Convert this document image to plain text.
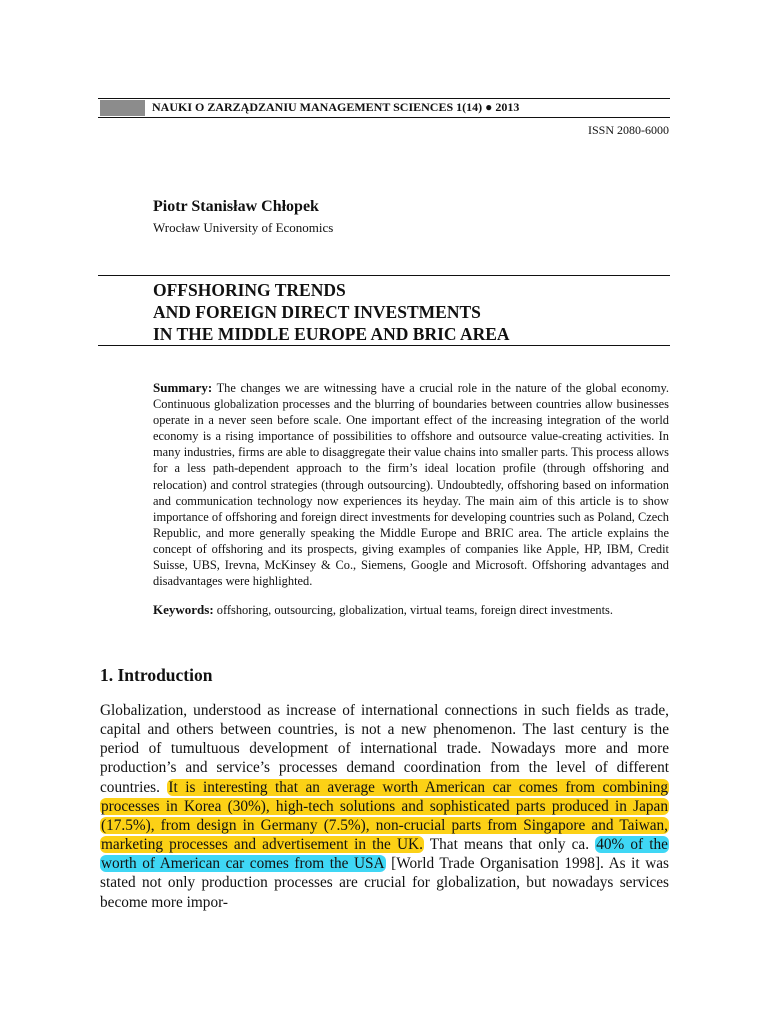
NAUKI O ZARZĄDZANIU MANAGEMENT SCIENCES 1(14) ● 2013
ISSN 2080-6000
Piotr Stanisław Chłopek
Wrocław University of Economics
OFFSHORING TRENDS
AND FOREIGN DIRECT INVESTMENTS
IN THE MIDDLE EUROPE AND BRIC AREA
Summary: The changes we are witnessing have a crucial role in the nature of the global economy. Continuous globalization processes and the blurring of boundaries between countries allow businesses operate in a never seen before scale. One important effect of the increasing integration of the world economy is a rising importance of possibilities to offshore and outsource value-creating activities. In many industries, firms are able to disaggregate their value chains into smaller parts. This process allows for a less path-dependent approach to the firm’s ideal location profile (through offshoring and relocation) and control strategies (through outsourcing). Undoubtedly, offshoring based on information and communication technology now experiences its heyday. The main aim of this article is to show importance of offshoring and foreign direct investments for developing countries such as Poland, Czech Republic, and more generally speaking the Middle Europe and BRIC area. The article explains the concept of offshoring and its prospects, giving examples of companies like Apple, HP, IBM, Credit Suisse, UBS, Irevna, McKinsey & Co., Siemens, Google and Microsoft. Offshoring advantages and disadvantages were highlighted.
Keywords: offshoring, outsourcing, globalization, virtual teams, foreign direct investments.
1. Introduction
Globalization, understood as increase of international connections in such fields as trade, capital and others between countries, is not a new phenomenon. The last century is the period of tumultuous development of international trade. Nowadays more and more production’s and service’s processes demand coordination from the level of different countries. It is interesting that an average worth American car comes from combining processes in Korea (30%), high-tech solutions and sophisticated parts produced in Japan (17.5%), from design in Germany (7.5%), non-crucial parts from Singapore and Taiwan, marketing processes and advertisement in the UK. That means that only ca. 40% of the worth of American car comes from the USA [World Trade Organisation 1998]. As it was stated not only production processes are crucial for globalization, but nowadays services become more impor-
